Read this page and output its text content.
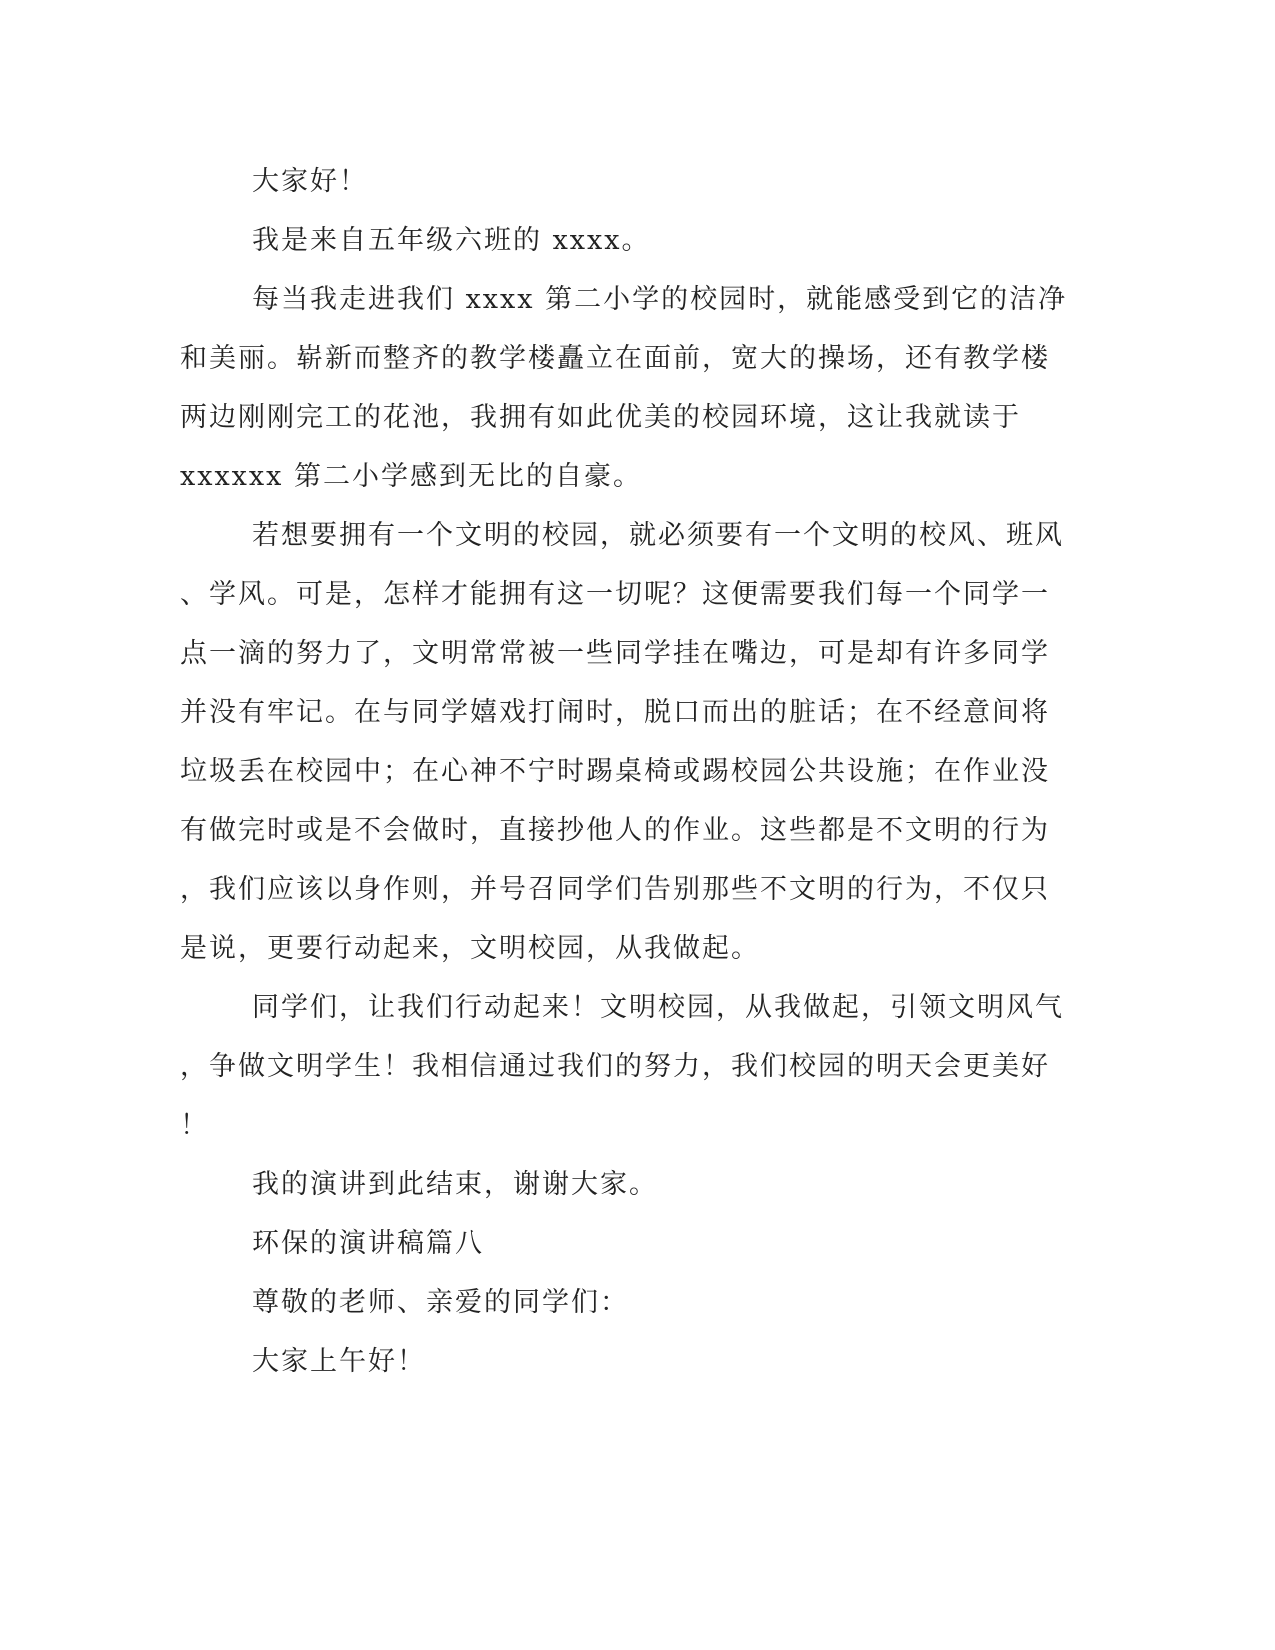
大家好！
我是来自五年级六班的 xxxx。
每当我走进我们 xxxx 第二小学的校园时，就能感受到它的洁净
和美丽。崭新而整齐的教学楼矗立在面前，宽大的操场，还有教学楼
两边刚刚完工的花池，我拥有如此优美的校园环境，这让我就读于
xxxxxx 第二小学感到无比的自豪。
若想要拥有一个文明的校园，就必须要有一个文明的校风、班风
、学风。可是，怎样才能拥有这一切呢？这便需要我们每一个同学一
点一滴的努力了，文明常常被一些同学挂在嘴边，可是却有许多同学
并没有牢记。在与同学嬉戏打闹时，脱口而出的脏话；在不经意间将
垃圾丢在校园中；在心神不宁时踢桌椅或踢校园公共设施；在作业没
有做完时或是不会做时，直接抄他人的作业。这些都是不文明的行为
，我们应该以身作则，并号召同学们告别那些不文明的行为，不仅只
是说，更要行动起来，文明校园，从我做起。
同学们，让我们行动起来！文明校园，从我做起，引领文明风气
，争做文明学生！我相信通过我们的努力，我们校园的明天会更美好
！
我的演讲到此结束，谢谢大家。
环保的演讲稿篇八
尊敬的老师、亲爱的同学们：
大家上午好！
